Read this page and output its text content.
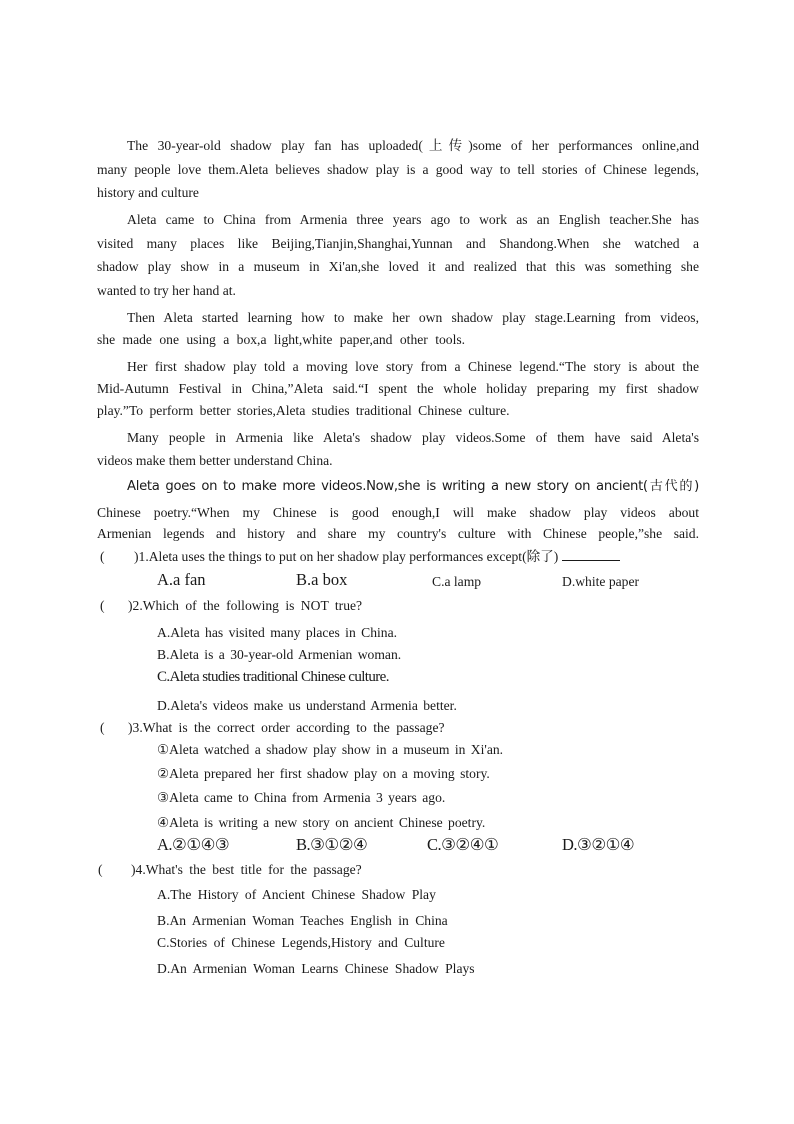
The 30-year-old shadow play fan has uploaded(上传)some of her performances online,and
many people love them.Aleta believes shadow play is a good way to tell stories of Chinese legends,
history and culture
Aleta came to China from Armenia three years ago to work as an English teacher.She has
visited many places like Beijing,Tianjin,Shanghai,Yunnan and Shandong.When she watched a
shadow play show in a museum in Xi'an,she loved it and realized that this was something she
wanted to try her hand at.
Then Aleta started learning how to make her own shadow play stage.Learning from videos,
she made one using a box,a light,white paper,and other tools.
Her first shadow play told a moving love story from a Chinese legend.“The story is about the
Mid-Autumn Festival in China,”Aleta said.“I spent the whole holiday preparing my first shadow
play.”To perform better stories,Aleta studies traditional Chinese culture.
Many people in Armenia like Aleta's shadow play videos.Some of them have said Aleta's
videos make them better understand China.
Aleta goes on to make more videos.Now,she is writing a new story on ancient(古代的)
Chinese poetry.“When my Chinese is good enough,I will make shadow play videos about
Armenian legends and history and share my country's culture with Chinese people,”she said.
( )1.Aleta uses the things to put on her shadow play performances except(除了)
A.a fan	B.a box	C.a lamp	D.white paper
( )2.Which of the following is NOT true?
A.Aleta has visited many places in China.
B.Aleta is a 30-year-old Armenian woman.
C.Aleta studies traditional Chinese culture.
D.Aleta's videos make us understand Armenia better.
( )3.What is the correct order according to the passage?
①Aleta watched a shadow play show in a museum in Xi'an.
②Aleta prepared her first shadow play on a moving story.
③Aleta came to China from Armenia 3 years ago.
④Aleta is writing a new story on ancient Chinese poetry.
A.②①④③	B.③①②④	C.③②④①	D.③②①④
( )4.What's the best title for the passage?
A.The History of Ancient Chinese Shadow Play
B.An Armenian Woman Teaches English in China
C.Stories of Chinese Legends,History and Culture
D.An Armenian Woman Learns Chinese Shadow Plays
